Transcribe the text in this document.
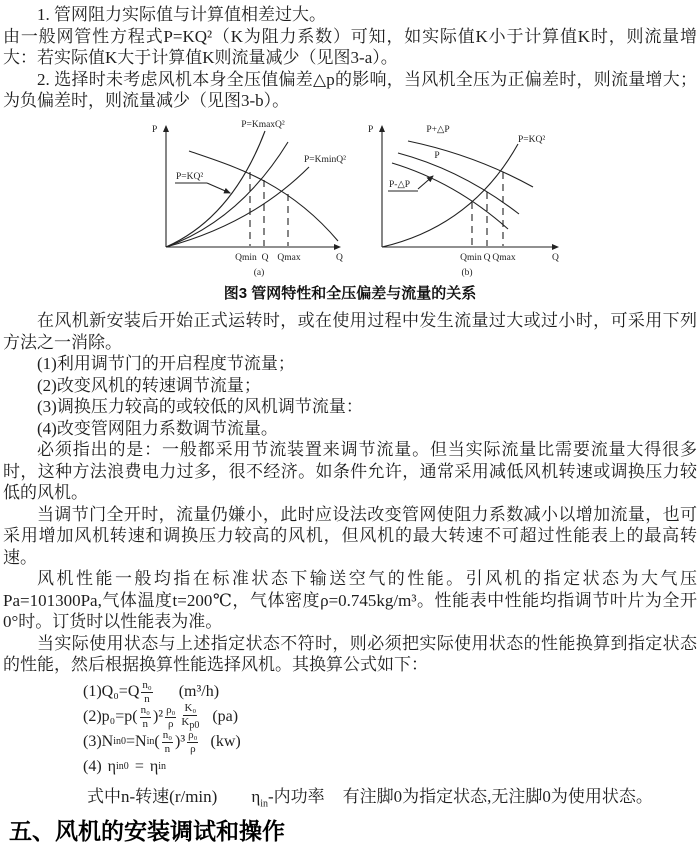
1. 管网阻力实际值与计算值相差过大。

由一般网管性方程式P=KQ²（K为阻力系数）可知，如实际值K小于计算值K时，则流量增大：若实际值K大于计算值K则流量减少（见图3-a）。

2. 选择时未考虑风机本身全压值偏差△p的影响，当风机全压为正偏差时，则流量增大；为负偏差时，则流量减少（见图3-b）。

P
Q
P=KmaxQ²
P=KminQ²
P=KQ²
Qmin Q Qmax
(a)
P
Q
P+△P
P
P-△P
P=KQ²
Qmin Q Qmax
(b)
图3 管网特性和全压偏差与流量的关系

在风机新安装后开始正式运转时，或在使用过程中发生流量过大或过小时，可采用下列方法之一消除。

(1)利用调节门的开启程度节流量；

(2)改变风机的转速调节流量；

(3)调换压力较高的或较低的风机调节流量：

(4)改变管网阻力系数调节流量。

必须指出的是：一般都采用节流装置来调节流量。但当实际流量比需要流量大得很多时，这种方法浪费电力过多，很不经济。如条件允许，通常采用减低风机转速或调换压力较低的风机。

当调节门全开时，流量仍嫌小，此时应设法改变管网使阻力系数减小以增加流量，也可采用增加风机转速和调换压力较高的风机，但风机的最大转速不可超过性能表上的最高转速。

风机性能一般均指在标准状态下输送空气的性能。引风机的指定状态为大气压Pa=101300Pa,气体温度t=200℃，气体密度ρ=0.745kg/m³。性能表中性能均指调节叶片为全开0°时。订货时以性能表为准。

当实际使用状态与上述指定状态不符时，则必须把实际使用状态的性能换算到指定状态的性能，然后根据换算性能选择风机。其换算公式如下：

(1) $Q_0=Q \frac{\text{n₀}}{n} (m^3/h)$
(2) $p_0=p( \frac{\text{n₀}}{n} )^2 \frac{\text{ρ₀}}{\rho} \frac{\text{K₀}}{K_{p0}} (pa)$
(3) N in0 =N in ( $\frac{\text{n₀}}{n} )^3 \frac{\text{ρ₀}}{\rho} (kw)$
(4) η in0 = η in
式中n-转速(r/min) $\eta_{in}-$内功率 有注脚0为指定状态,无注脚0为使用状态。
五、风机的安装调试和操作
